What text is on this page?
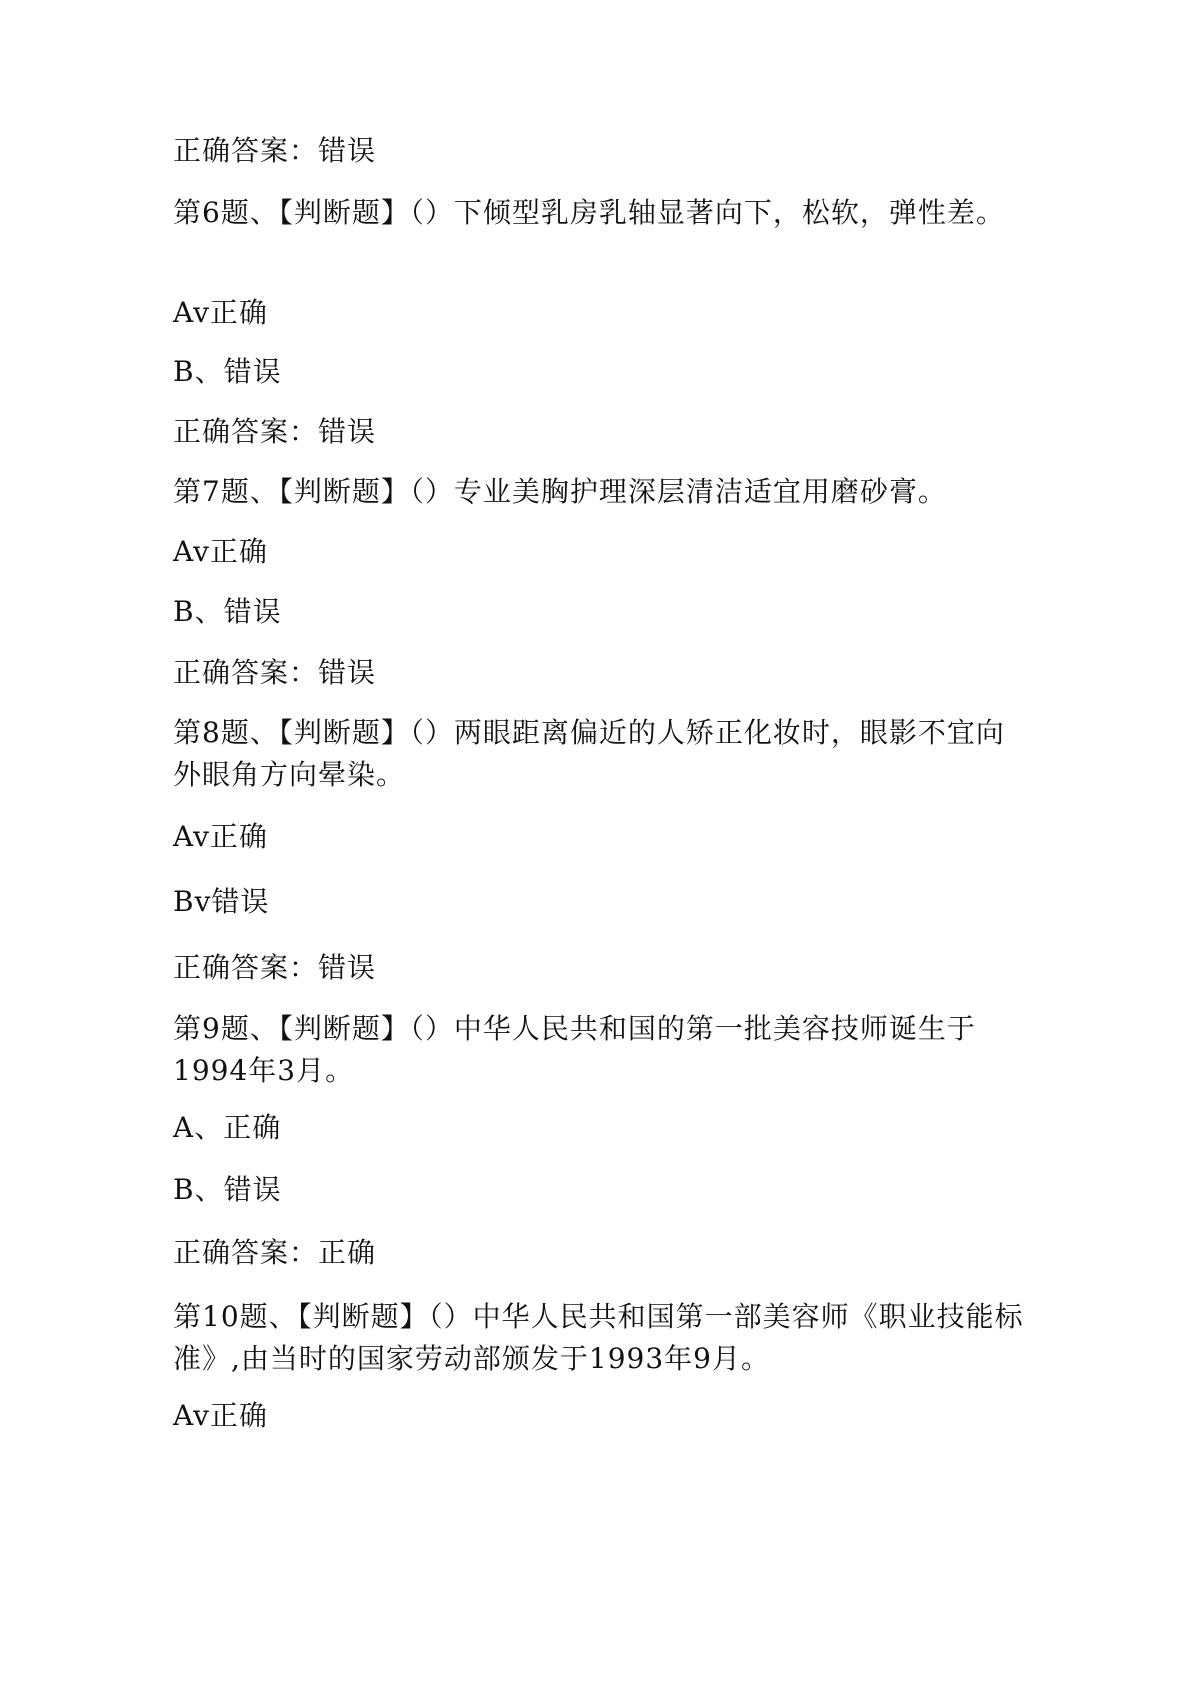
正确答案：错误
第6题、【判断题】（）下倾型乳房乳轴显著向下，松软，弹性差。
Av正确
B、错误
正确答案：错误
第7题、【判断题】（）专业美胸护理深层清洁适宜用磨砂膏。
Av正确
B、错误
正确答案：错误
第8题、【判断题】（）两眼距离偏近的人矫正化妆时，眼影不宜向外眼角方向晕染。
Av正确
Bv错误
正确答案：错误
第9题、【判断题】（）中华人民共和国的第一批美容技师诞生于1994年3月。
A、正确
B、错误
正确答案：正确
第10题、【判断题】（）中华人民共和国第一部美容师《职业技能标准》,由当时的国家劳动部颁发于1993年9月。
Av正确
